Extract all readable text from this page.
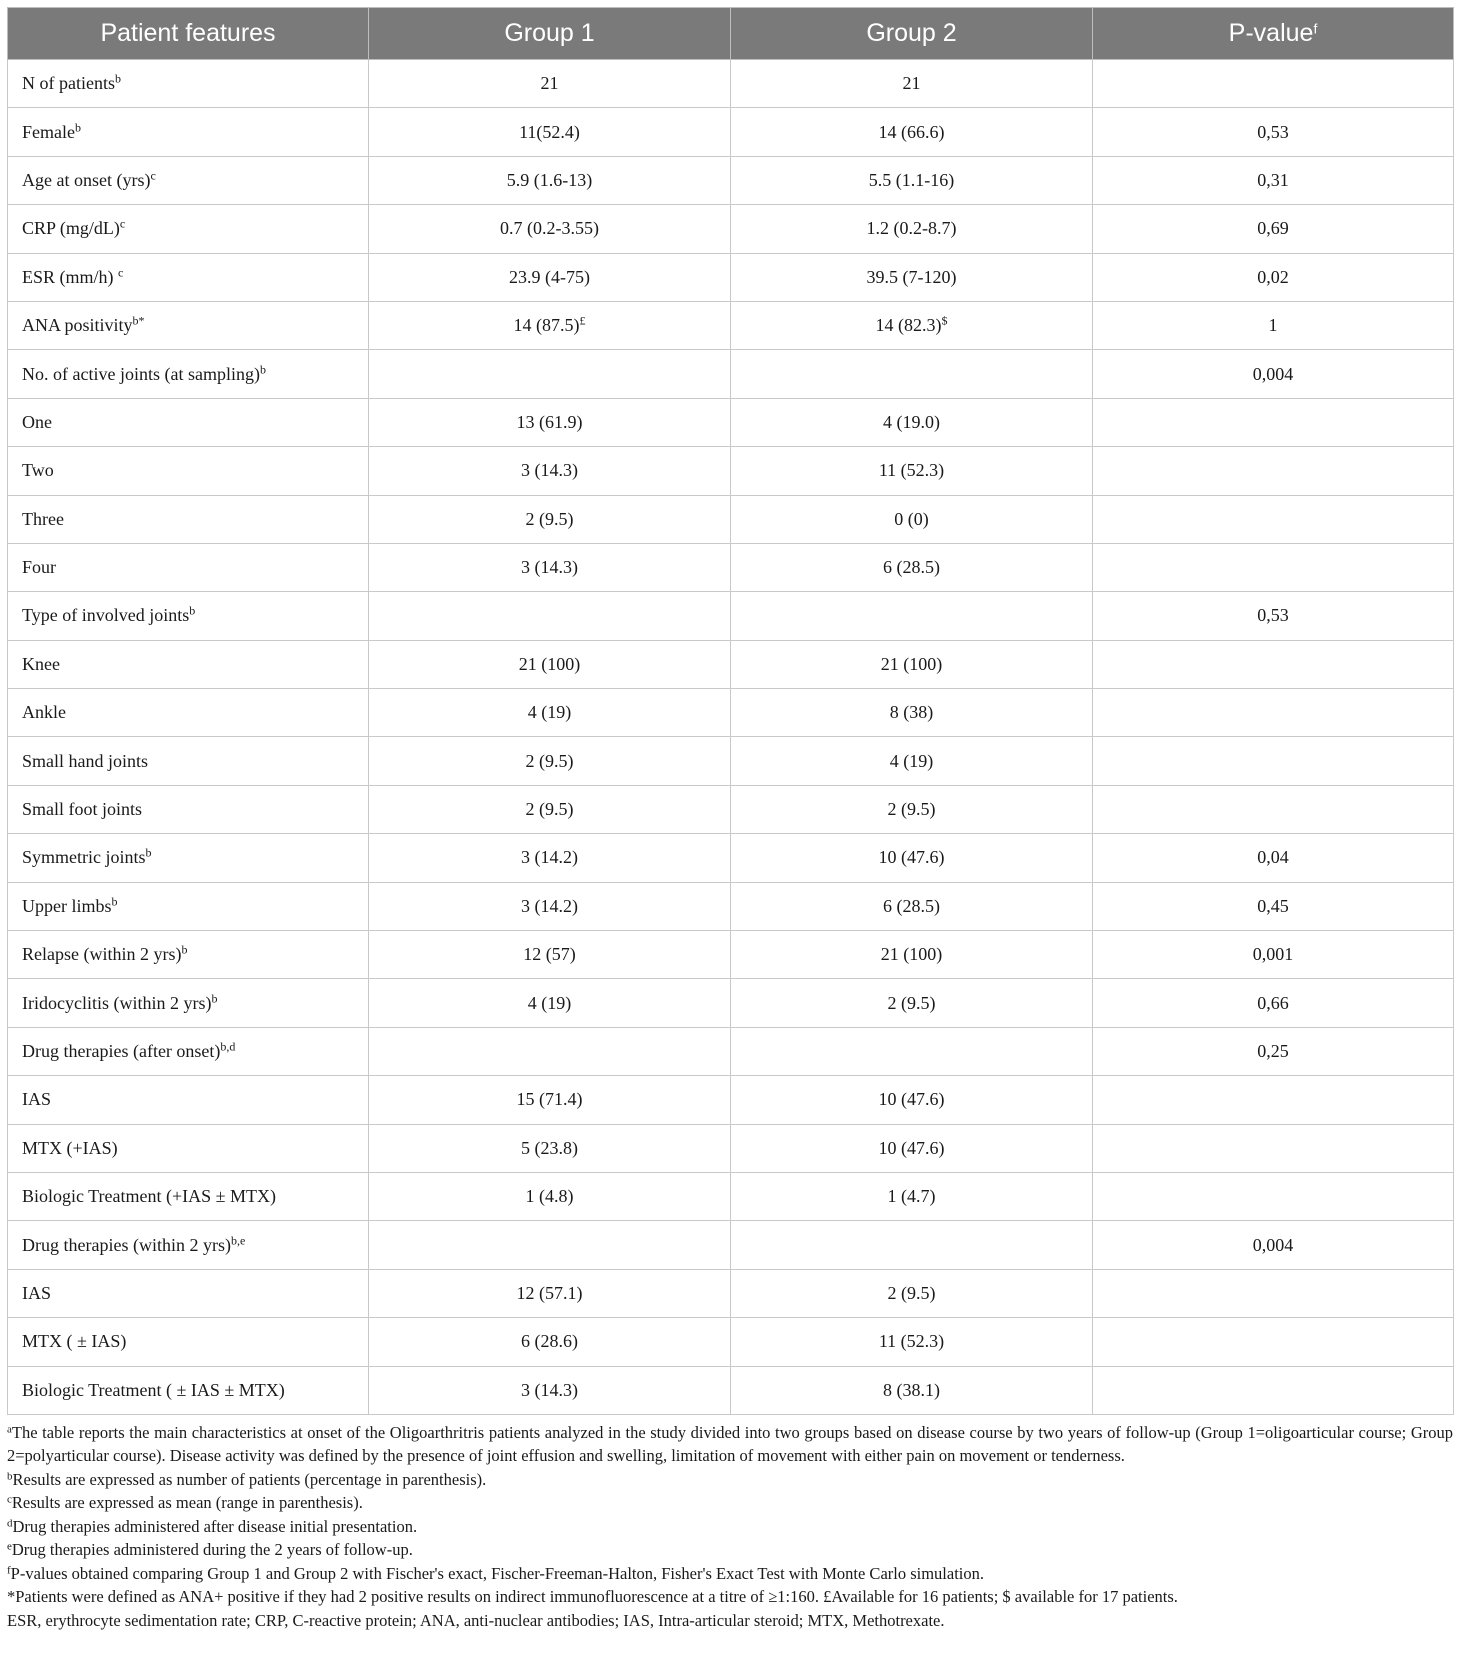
Patient features	Group 1	Group 2	P-value$^f$
N of patients$^b$	21	21	
Female$^b$	11(52.4)	14 (66.6)	0,53
Age at onset (yrs)$^c$	5.9 (1.6-13)	5.5 (1.1-16)	0,31
CRP $(mg/dL)^c$	0.7 (0.2-3.55)	1.2 (0.2-8.7)	0,69
ESR (mm/h) $^c$	23.9 (4-75)	39.5 (7-120)	0,02
ANA positivity$^{b*}$	14 (87.5)£	14 (82.3)$	1
No. of active joints (at sampling)$^b$			0,004
One	13 (61.9)	4 (19.0)	
Two	3 (14.3)	11 (52.3)	
Three	2 (9.5)	0 (0)	
Four	3 (14.3)	6 (28.5)	
Type of involved joints$^b$			0,53
Knee	21 (100)	21 (100)	
Ankle	4 (19)	8 (38)	
Small hand joints	2 (9.5)	4 (19)	
Small foot joints	2 (9.5)	2 (9.5)	
Symmetric joints$^b$	3 (14.2)	10 (47.6)	0,04
Upper limbs$^b$	3 (14.2)	6 (28.5)	0,45
Relapse (within 2 yrs)$^b$	12 (57)	21 (100)	0,001
Iridocyclitis (within 2 yrs)$^b$	4 (19)	2 (9.5)	0,66
Drug therapies (after onset)$^{b,d}$			0,25
IAS	15 (71.4)	10 (47.6)	
MTX (+IAS)	5 (23.8)	10 (47.6)	
Biologic Treatment (+IAS ± MTX)	1 (4.8)	1 (4.7)	
Drug therapies (within 2 yrs)$^{b,e}$			0,004
IAS	12 (57.1)	2 (9.5)	
MTX ( ± IAS)	6 (28.6)	11 (52.3)	
Biologic Treatment ( ± IAS ± MTX)	3 (14.3)	8 (38.1)	

$^a$The table reports the main characteristics at onset of the Oligoarthritris patients analyzed in the study divided into two groups based on disease course by two years of follow-up (Group 1=oligoarticular course; Group 2=polyarticular course). Disease activity was defined by the presence of joint effusion and swelling, limitation of movement with either pain on movement or tenderness.

$^b$Results are expressed as number of patients (percentage in parenthesis).

$^c$Results are expressed as mean (range in parenthesis).

$^d$Drug therapies administered after disease initial presentation.

$^e$Drug therapies administered during the 2 years of follow-up.

$^f$P-values obtained comparing Group 1 and Group 2 with Fischer's exact, Fischer-Freeman-Halton, Fisher's Exact Test with Monte Carlo simulation.

*Patients were defined as ANA+ positive if they had 2 positive results on indirect immunofluorescence at a titre of ≥1:160. £Available for 16 patients; $ available for 17 patients.

ESR, erythrocyte sedimentation rate; CRP, C-reactive protein; ANA, anti-nuclear antibodies; IAS, Intra-articular steroid; MTX, Methotrexate.
